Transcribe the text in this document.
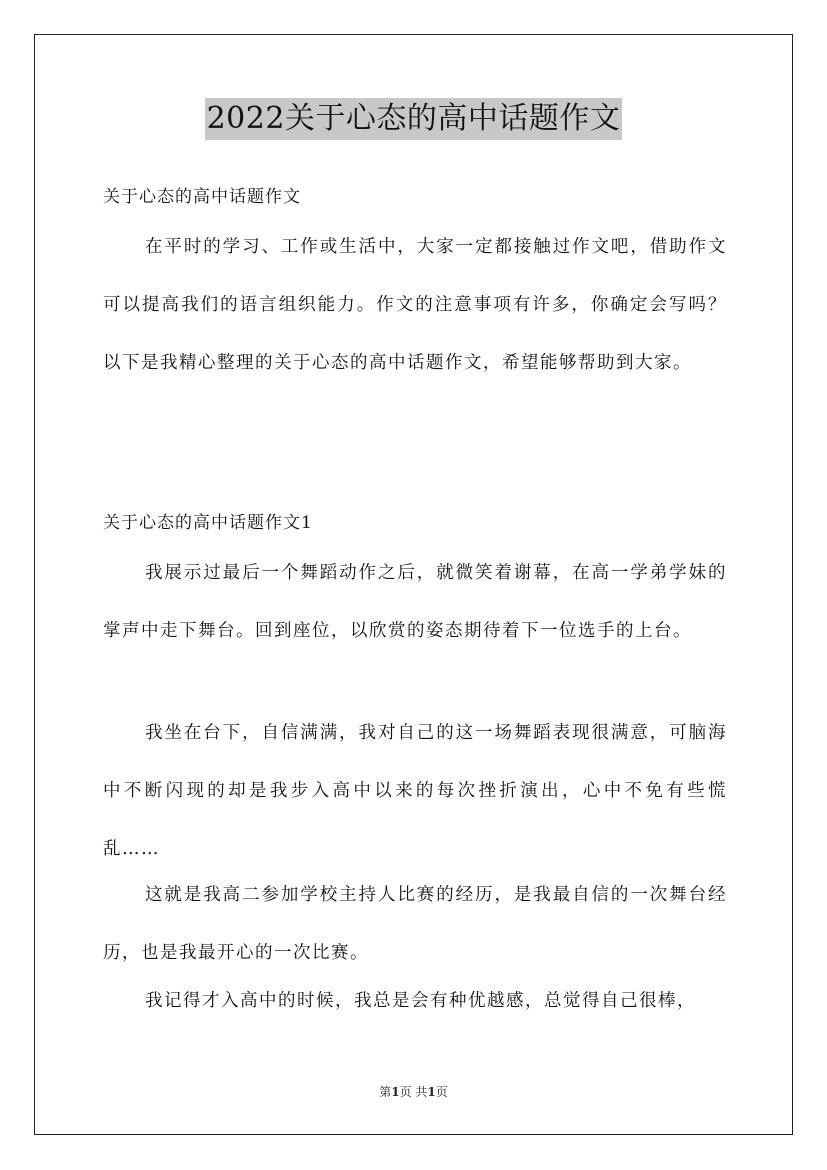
2022关于心态的高中话题作文
关于心态的高中话题作文

在平时的学习、工作或生活中，大家一定都接触过作文吧，借助作文可以提高我们的语言组织能力。作文的注意事项有许多，你确定会写吗？以下是我精心整理的关于心态的高中话题作文，希望能够帮助到大家。

关于心态的高中话题作文1

我展示过最后一个舞蹈动作之后，就微笑着谢幕，在高一学弟学妹的掌声中走下舞台。回到座位，以欣赏的姿态期待着下一位选手的上台。

我坐在台下，自信满满，我对自己的这一场舞蹈表现很满意，可脑海中不断闪现的却是我步入高中以来的每次挫折演出，心中不免有些慌乱……

这就是我高二参加学校主持人比赛的经历，是我最自信的一次舞台经历，也是我最开心的一次比赛。

我记得才入高中的时候，我总是会有种优越感，总觉得自己很棒，

第1页 共1页
